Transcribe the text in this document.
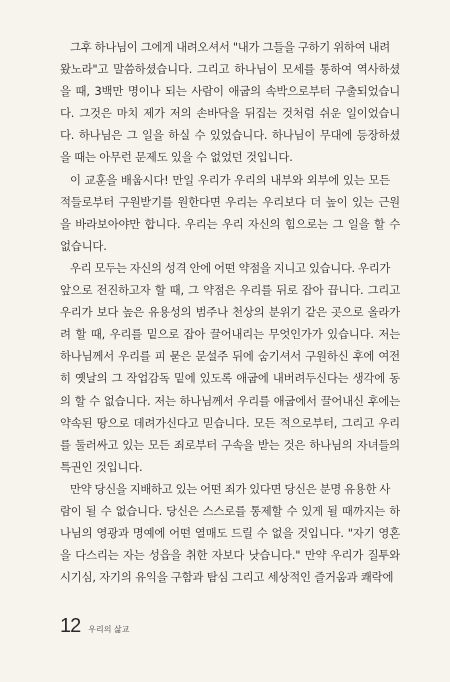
그후 하나님이 그에게 내려오셔서 "내가 그들을 구하기 위하여 내려
왔노라"고 말씀하셨습니다. 그리고 하나님이 모세를 통하여 역사하셨
을 때, 3백만 명이나 되는 사람이 애굽의 속박으로부터 구출되었습니
다. 그것은 마치 제가 저의 손바닥을 뒤집는 것처럼 쉬운 일이었습니
다. 하나님은 그 일을 하실 수 있었습니다. 하나님이 무대에 등장하셨
을 때는 아무런 문제도 있을 수 없었던 것입니다.
이 교훈을 배웁시다! 만일 우리가 우리의 내부와 외부에 있는 모든
적들로부터 구원받기를 원한다면 우리는 우리보다 더 높이 있는 근원
을 바라보아야만 합니다. 우리는 우리 자신의 힘으로는 그 일을 할 수
없습니다.
우리 모두는 자신의 성격 안에 어떤 약점을 지니고 있습니다. 우리가
앞으로 전진하고자 할 때, 그 약점은 우리를 뒤로 잡아 끕니다. 그리고
우리가 보다 높은 유용성의 범주나 천상의 분위기 같은 곳으로 올라가
려 할 때, 우리를 밑으로 잡아 끌어내리는 무엇인가가 있습니다. 저는
하나님께서 우리를 피 묻은 문설주 뒤에 숨기셔서 구원하신 후에 여전
히 옛날의 그 작업감독 밑에 있도록 애굽에 내버려두신다는 생각에 동
의 할 수 없습니다. 저는 하나님께서 우리를 애굽에서 끌어내신 후에는
약속된 땅으로 데려가신다고 믿습니다. 모든 적으로부터, 그리고 우리
를 둘러싸고 있는 모든 죄로부터 구속을 받는 것은 하나님의 자녀들의
특권인 것입니다.
만약 당신을 지배하고 있는 어떤 죄가 있다면 당신은 분명 유용한 사
람이 될 수 없습니다. 당신은 스스로를 통제할 수 있게 될 때까지는 하
나님의 영광과 명예에 어떤 열매도 드릴 수 없을 것입니다. "자기 영혼
을 다스리는 자는 성읍을 취한 자보다 낫습니다." 만약 우리가 질투와
시기심, 자기의 유익을 구함과 탐심 그리고 세상적인 즐거움과 쾌락에
12 우리의 삶교
